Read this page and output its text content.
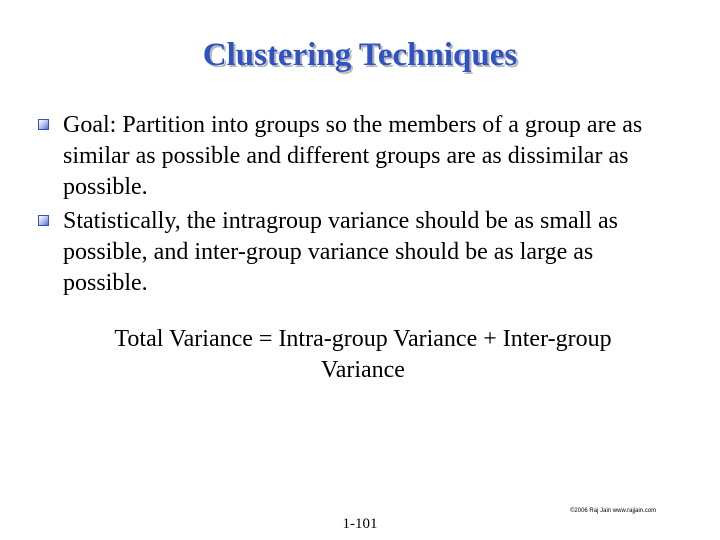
Clustering Techniques
Goal: Partition into groups so the members of a group are as similar as possible and different groups are as dissimilar as possible.
Statistically, the intragroup variance should be as small as possible, and inter-group variance should be as large as possible.
Total Variance = Intra-group Variance + Inter-group
Variance
©2006 Raj Jain www.rajjain.com
1-101
